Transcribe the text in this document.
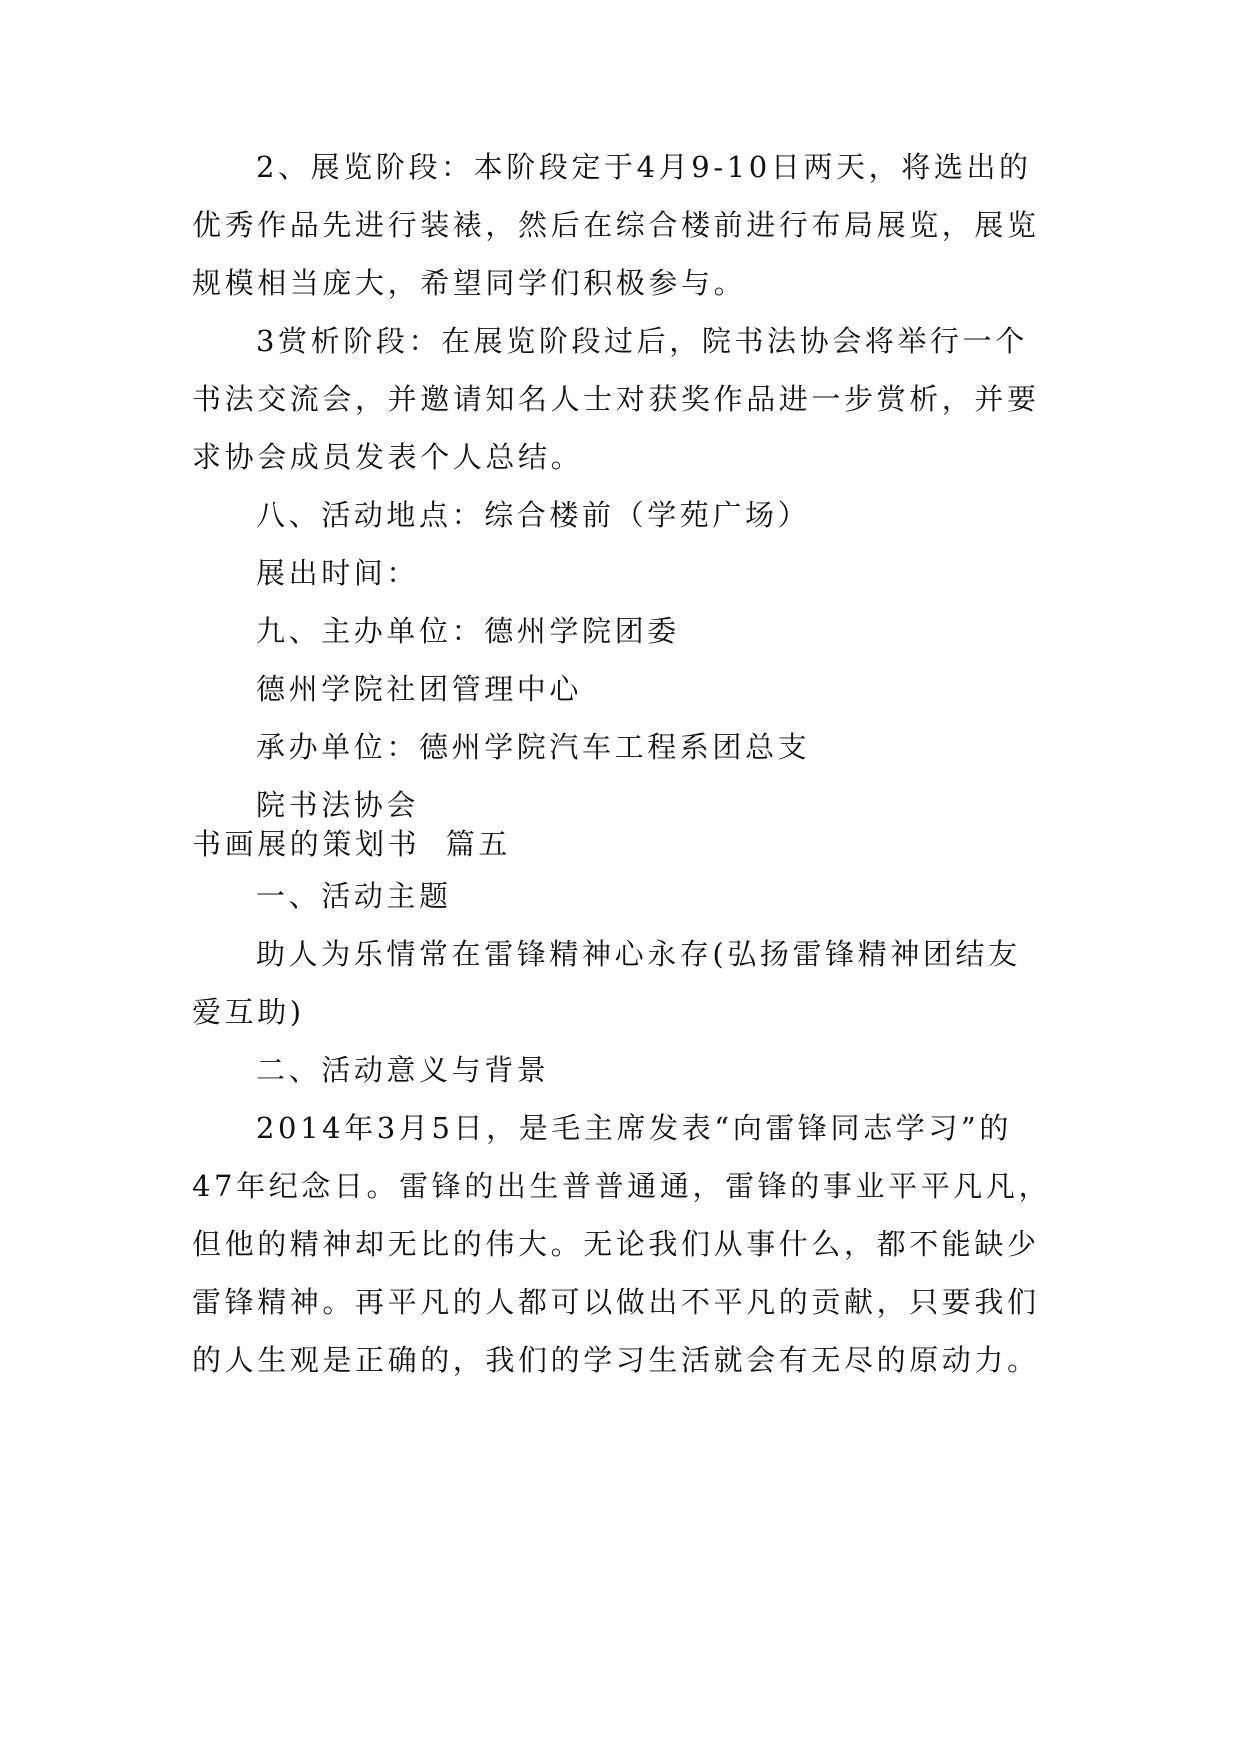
2、展览阶段：本阶段定于4月9-10日两天，将选出的优秀作品先进行装裱，然后在综合楼前进行布局展览，展览规模相当庞大，希望同学们积极参与。

3赏析阶段：在展览阶段过后，院书法协会将举行一个书法交流会，并邀请知名人士对获奖作品进一步赏析，并要求协会成员发表个人总结。

八、活动地点：综合楼前（学苑广场）

展出时间：

九、主办单位：德州学院团委

德州学院社团管理中心

承办单位：德州学院汽车工程系团总支

院书法协会

书画展的策划书  篇五

一、活动主题

助人为乐情常在雷锋精神心永存(弘扬雷锋精神团结友爱互助)

二、活动意义与背景

2014年3月5日，是毛主席发表“向雷锋同志学习”的47年纪念日。雷锋的出生普普通通，雷锋的事业平平凡凡，但他的精神却无比的伟大。无论我们从事什么，都不能缺少雷锋精神。再平凡的人都可以做出不平凡的贡献，只要我们的人生观是正确的，我们的学习生活就会有无尽的原动力。
